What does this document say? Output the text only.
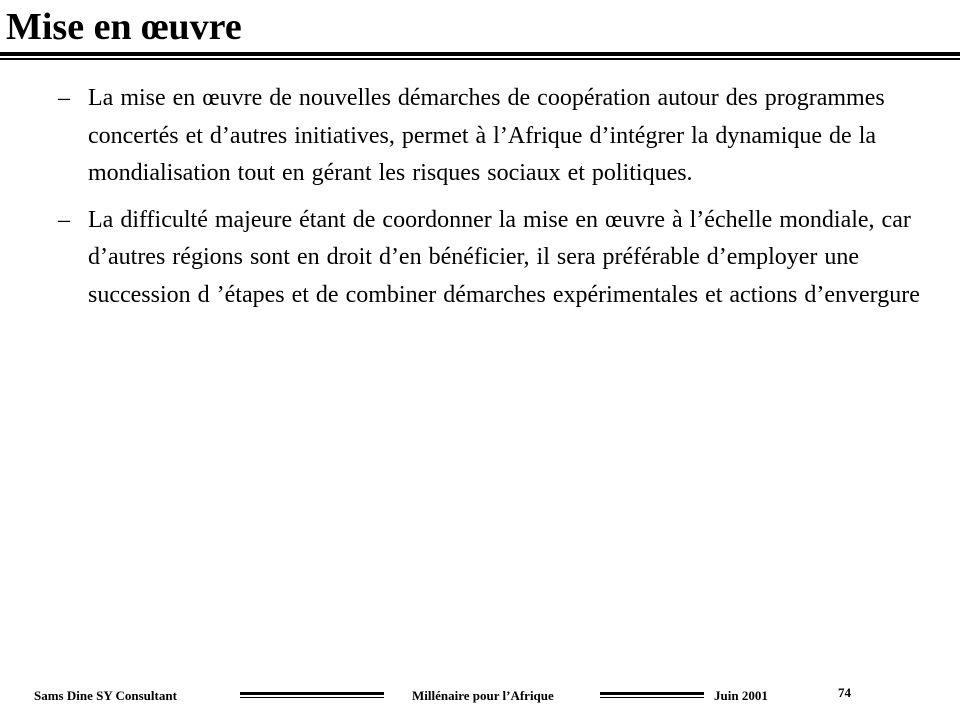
Mise en œuvre

– La mise en œuvre de nouvelles démarches de coopération autour des programmes concertés et d’autres initiatives, permet à l’Afrique d’intégrer la dynamique de la mondialisation tout en gérant les risques sociaux et politiques.

– La difficulté majeure étant de coordonner la mise en œuvre à l’échelle mondiale, car d’autres régions sont en droit d’en bénéficier, il sera préférable d’employer une succession d ’étapes et de combiner démarches expérimentales et actions d’envergure

Sams Dine SY Consultant	Millénaire pour l’Afrique	Juin 2001	74
